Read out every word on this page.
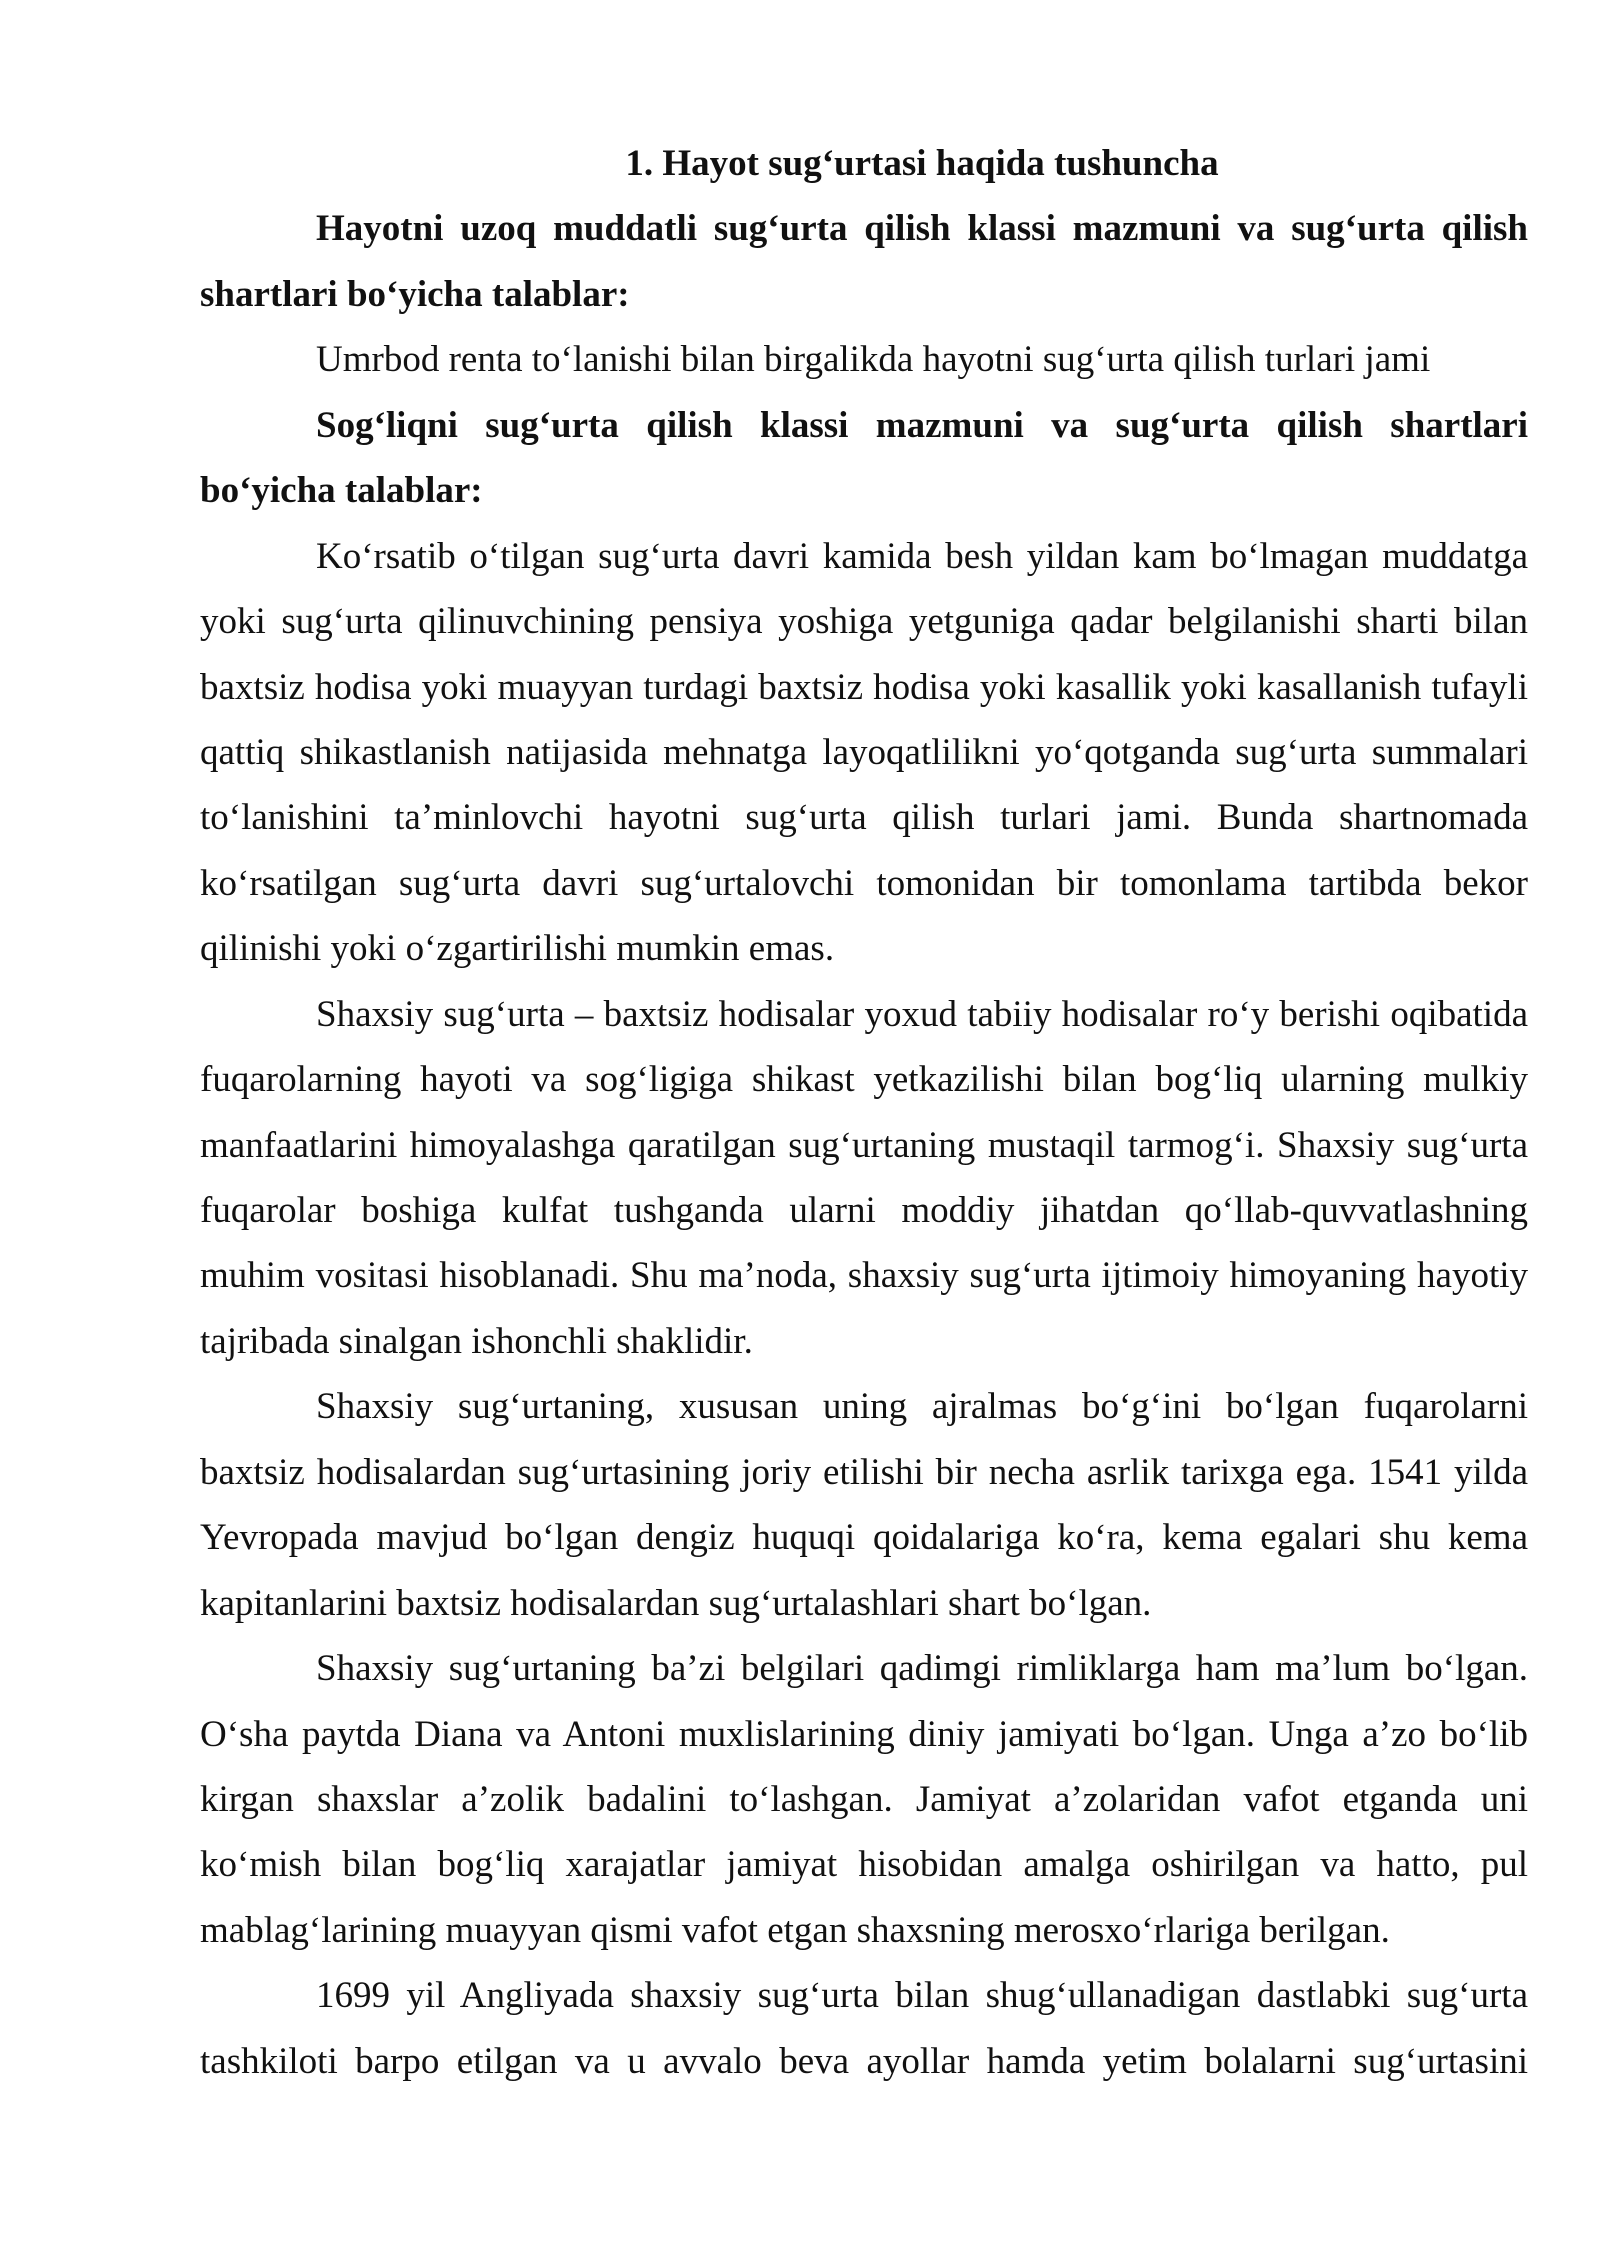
1. Hayot sug‘urtasi haqida tushuncha
Hayotni uzoq muddatli sug‘urta qilish klassi mazmuni va sug‘urta qilish
shartlari bo‘yicha talablar:
Umrbod renta to‘lanishi bilan birgalikda hayotni sug‘urta qilish turlari jami
Sog‘liqni sug‘urta qilish klassi mazmuni va sug‘urta qilish shartlari
bo‘yicha talablar:
Ko‘rsatib o‘tilgan sug‘urta davri kamida besh yildan kam bo‘lmagan muddatga
yoki sug‘urta qilinuvchining pensiya yoshiga yetguniga qadar belgilanishi sharti bilan
baxtsiz hodisa yoki muayyan turdagi baxtsiz hodisa yoki kasallik yoki kasallanish tufayli
qattiq shikastlanish natijasida mehnatga layoqatlilikni yo‘qotganda sug‘urta summalari
to‘lanishini ta’minlovchi hayotni sug‘urta qilish turlari jami. Bunda shartnomada
ko‘rsatilgan sug‘urta davri sug‘urtalovchi tomonidan bir tomonlama tartibda bekor
qilinishi yoki o‘zgartirilishi mumkin emas.
Shaxsiy sug‘urta – baxtsiz hodisalar yoxud tabiiy hodisalar ro‘y berishi oqibatida
fuqarolarning hayoti va sog‘ligiga shikast yetkazilishi bilan bog‘liq ularning mulkiy
manfaatlarini himoyalashga qaratilgan sug‘urtaning mustaqil tarmog‘i. Shaxsiy sug‘urta
fuqarolar boshiga kulfat tushganda ularni moddiy jihatdan qo‘llab-quvvatlashning
muhim vositasi hisoblanadi. Shu ma’noda, shaxsiy sug‘urta ijtimoiy himoyaning hayotiy
tajribada sinalgan ishonchli shaklidir.
Shaxsiy sug‘urtaning, xususan uning ajralmas bo‘g‘ini bo‘lgan fuqarolarni
baxtsiz hodisalardan sug‘urtasining joriy etilishi bir necha asrlik tarixga ega. 1541 yilda
Yevropada mavjud bo‘lgan dengiz huquqi qoidalariga ko‘ra, kema egalari shu kema
kapitanlarini baxtsiz hodisalardan sug‘urtalashlari shart bo‘lgan.
Shaxsiy sug‘urtaning ba’zi belgilari qadimgi rimliklarga ham ma’lum bo‘lgan.
O‘sha paytda Diana va Antoni muxlislarining diniy jamiyati bo‘lgan. Unga a’zo bo‘lib
kirgan shaxslar a’zolik badalini to‘lashgan. Jamiyat a’zolaridan vafot etganda uni
ko‘mish bilan bog‘liq xarajatlar jamiyat hisobidan amalga oshirilgan va hatto, pul
mablag‘larining muayyan qismi vafot etgan shaxsning merosxo‘rlariga berilgan.
1699 yil Angliyada shaxsiy sug‘urta bilan shug‘ullanadigan dastlabki sug‘urta
tashkiloti barpo etilgan va u avvalo beva ayollar hamda yetim bolalarni sug‘urtasini
